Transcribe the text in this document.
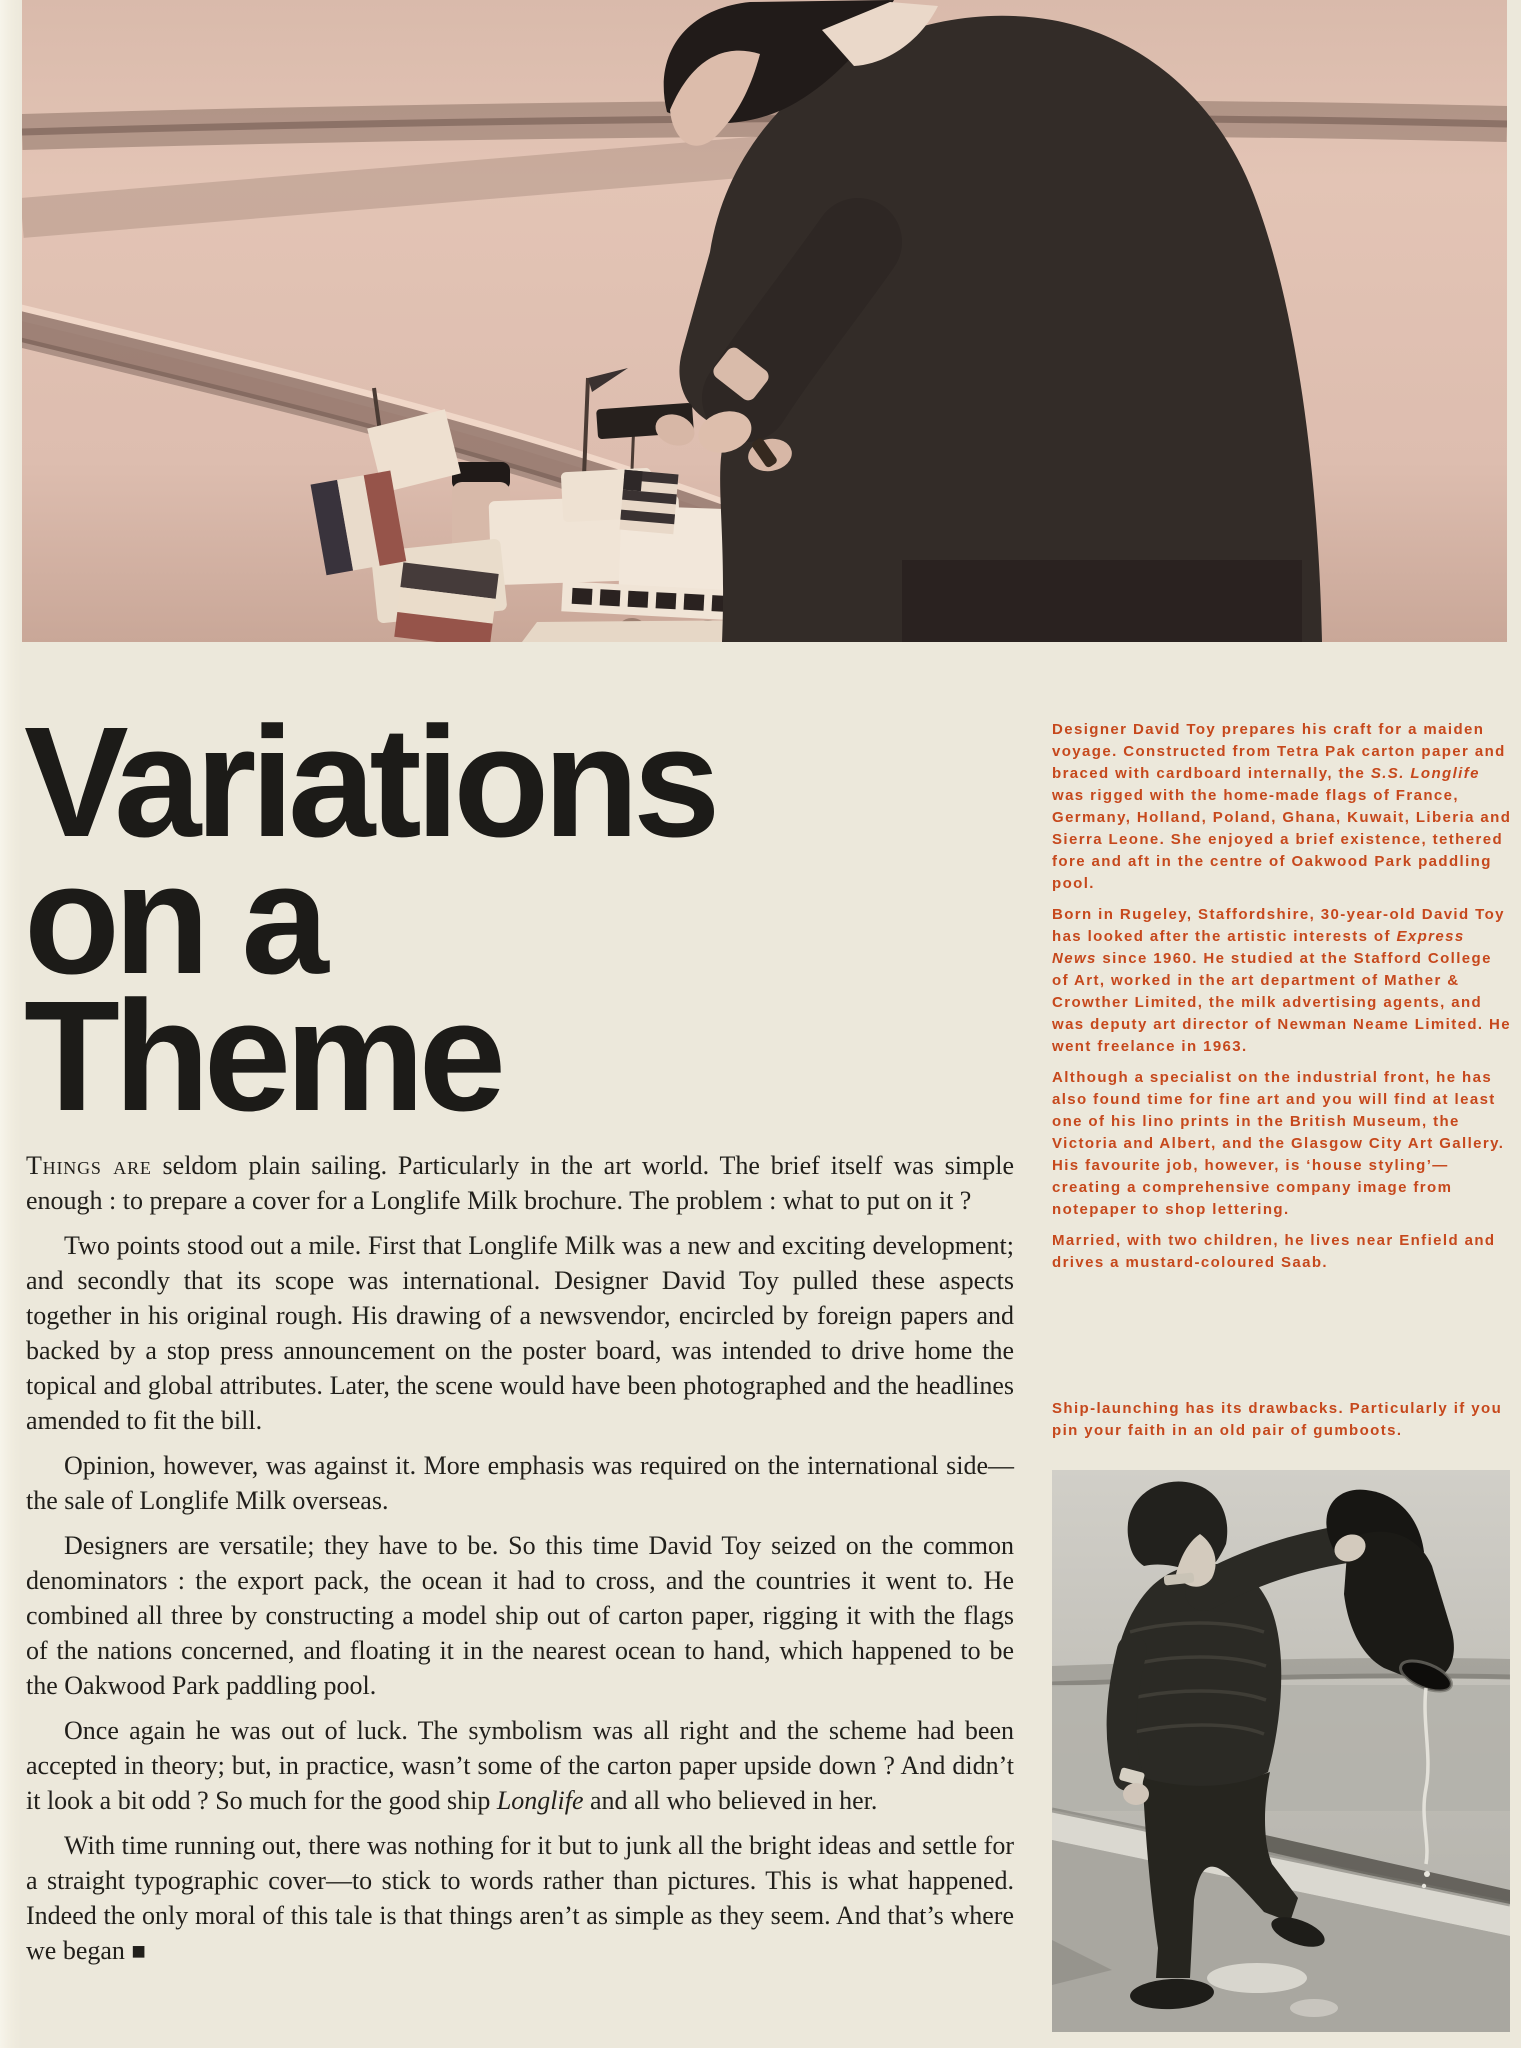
Variations
on a
Theme

Things are seldom plain sailing. Particularly in the art world. The brief itself was simple enough : to prepare a cover for a Longlife Milk brochure. The problem : what to put on it ?

Two points stood out a mile. First that Longlife Milk was a new and exciting development; and secondly that its scope was international. Designer David Toy pulled these aspects together in his original rough. His drawing of a newsvendor, encircled by foreign papers and backed by a stop press announcement on the poster board, was intended to drive home the topical and global attributes. Later, the scene would have been photographed and the headlines amended to fit the bill.

Opinion, however, was against it. More emphasis was required on the international side—the sale of Longlife Milk overseas.

Designers are versatile; they have to be. So this time David Toy seized on the common denominators : the export pack, the ocean it had to cross, and the countries it went to. He combined all three by constructing a model ship out of carton paper, rigging it with the flags of the nations concerned, and floating it in the nearest ocean to hand, which happened to be the Oakwood Park paddling pool.

Once again he was out of luck. The symbolism was all right and the scheme had been accepted in theory; but, in practice, wasn’t some of the carton paper upside down ? And didn’t it look a bit odd ? So much for the good ship Longlife and all who believed in her.

With time running out, there was nothing for it but to junk all the bright ideas and settle for a straight typographic cover—to stick to words rather than pictures. This is what happened. Indeed the only moral of this tale is that things aren’t as simple as they seem. And that’s where we began ■

Designer David Toy prepares his craft for a maiden voyage. Constructed from Tetra Pak carton paper and braced with cardboard internally, the S.S. Longlife was rigged with the home-made flags of France, Germany, Holland, Poland, Ghana, Kuwait, Liberia and Sierra Leone. She enjoyed a brief existence, tethered fore and aft in the centre of Oakwood Park paddling pool.

Born in Rugeley, Staffordshire, 30-year-old David Toy has looked after the artistic interests of Express News since 1960. He studied at the Stafford College of Art, worked in the art department of Mather & Crowther Limited, the milk advertising agents, and was deputy art director of Newman Neame Limited. He went freelance in 1963.

Although a specialist on the industrial front, he has also found time for fine art and you will find at least one of his lino prints in the British Museum, the Victoria and Albert, and the Glasgow City Art Gallery. His favourite job, however, is ‘house styling’—creating a comprehensive company image from notepaper to shop lettering.

Married, with two children, he lives near Enfield and drives a mustard-coloured Saab.

Ship-launching has its drawbacks. Particularly if you pin your faith in an old pair of gumboots.
